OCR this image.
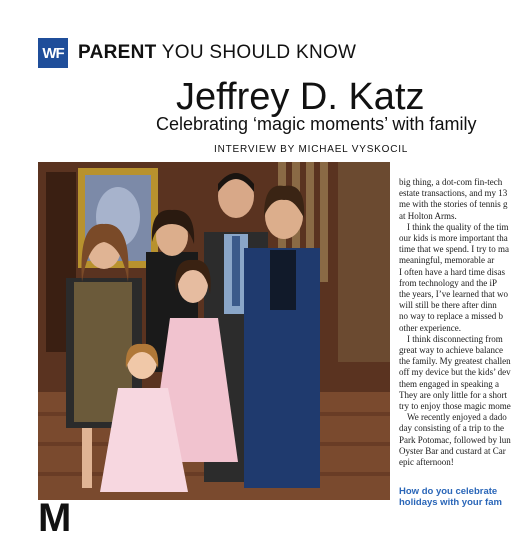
WF PARENT YOU SHOULD KNOW
Jeffrey D. Katz
Celebrating ‘magic moments’ with family
INTERVIEW BY MICHAEL VYSKOCIL

big thing, a dot-com fin-tech

estate transactions, and my 13

me with the stories of tennis g

at Holton Arms.

I think the quality of the tim

our kids is more important tha

time that we spend. I try to ma

meaningful, memorable ar

I often have a hard time disas

from technology and the iP

the years, I’ve learned that wo

will still be there after dinn

no way to replace a missed b

other experience.

I think disconnecting from

great way to achieve balance

the family. My greatest challen

off my device but the kids’ dev

them engaged in speaking a

They are only little for a short

try to enjoy those magic mome

We recently enjoyed a dado

day consisting of a trip to the

Park Potomac, followed by lun

Oyster Bar and custard at Car

epic afternoon!

How do you celebrate
holidays with your fam
M
